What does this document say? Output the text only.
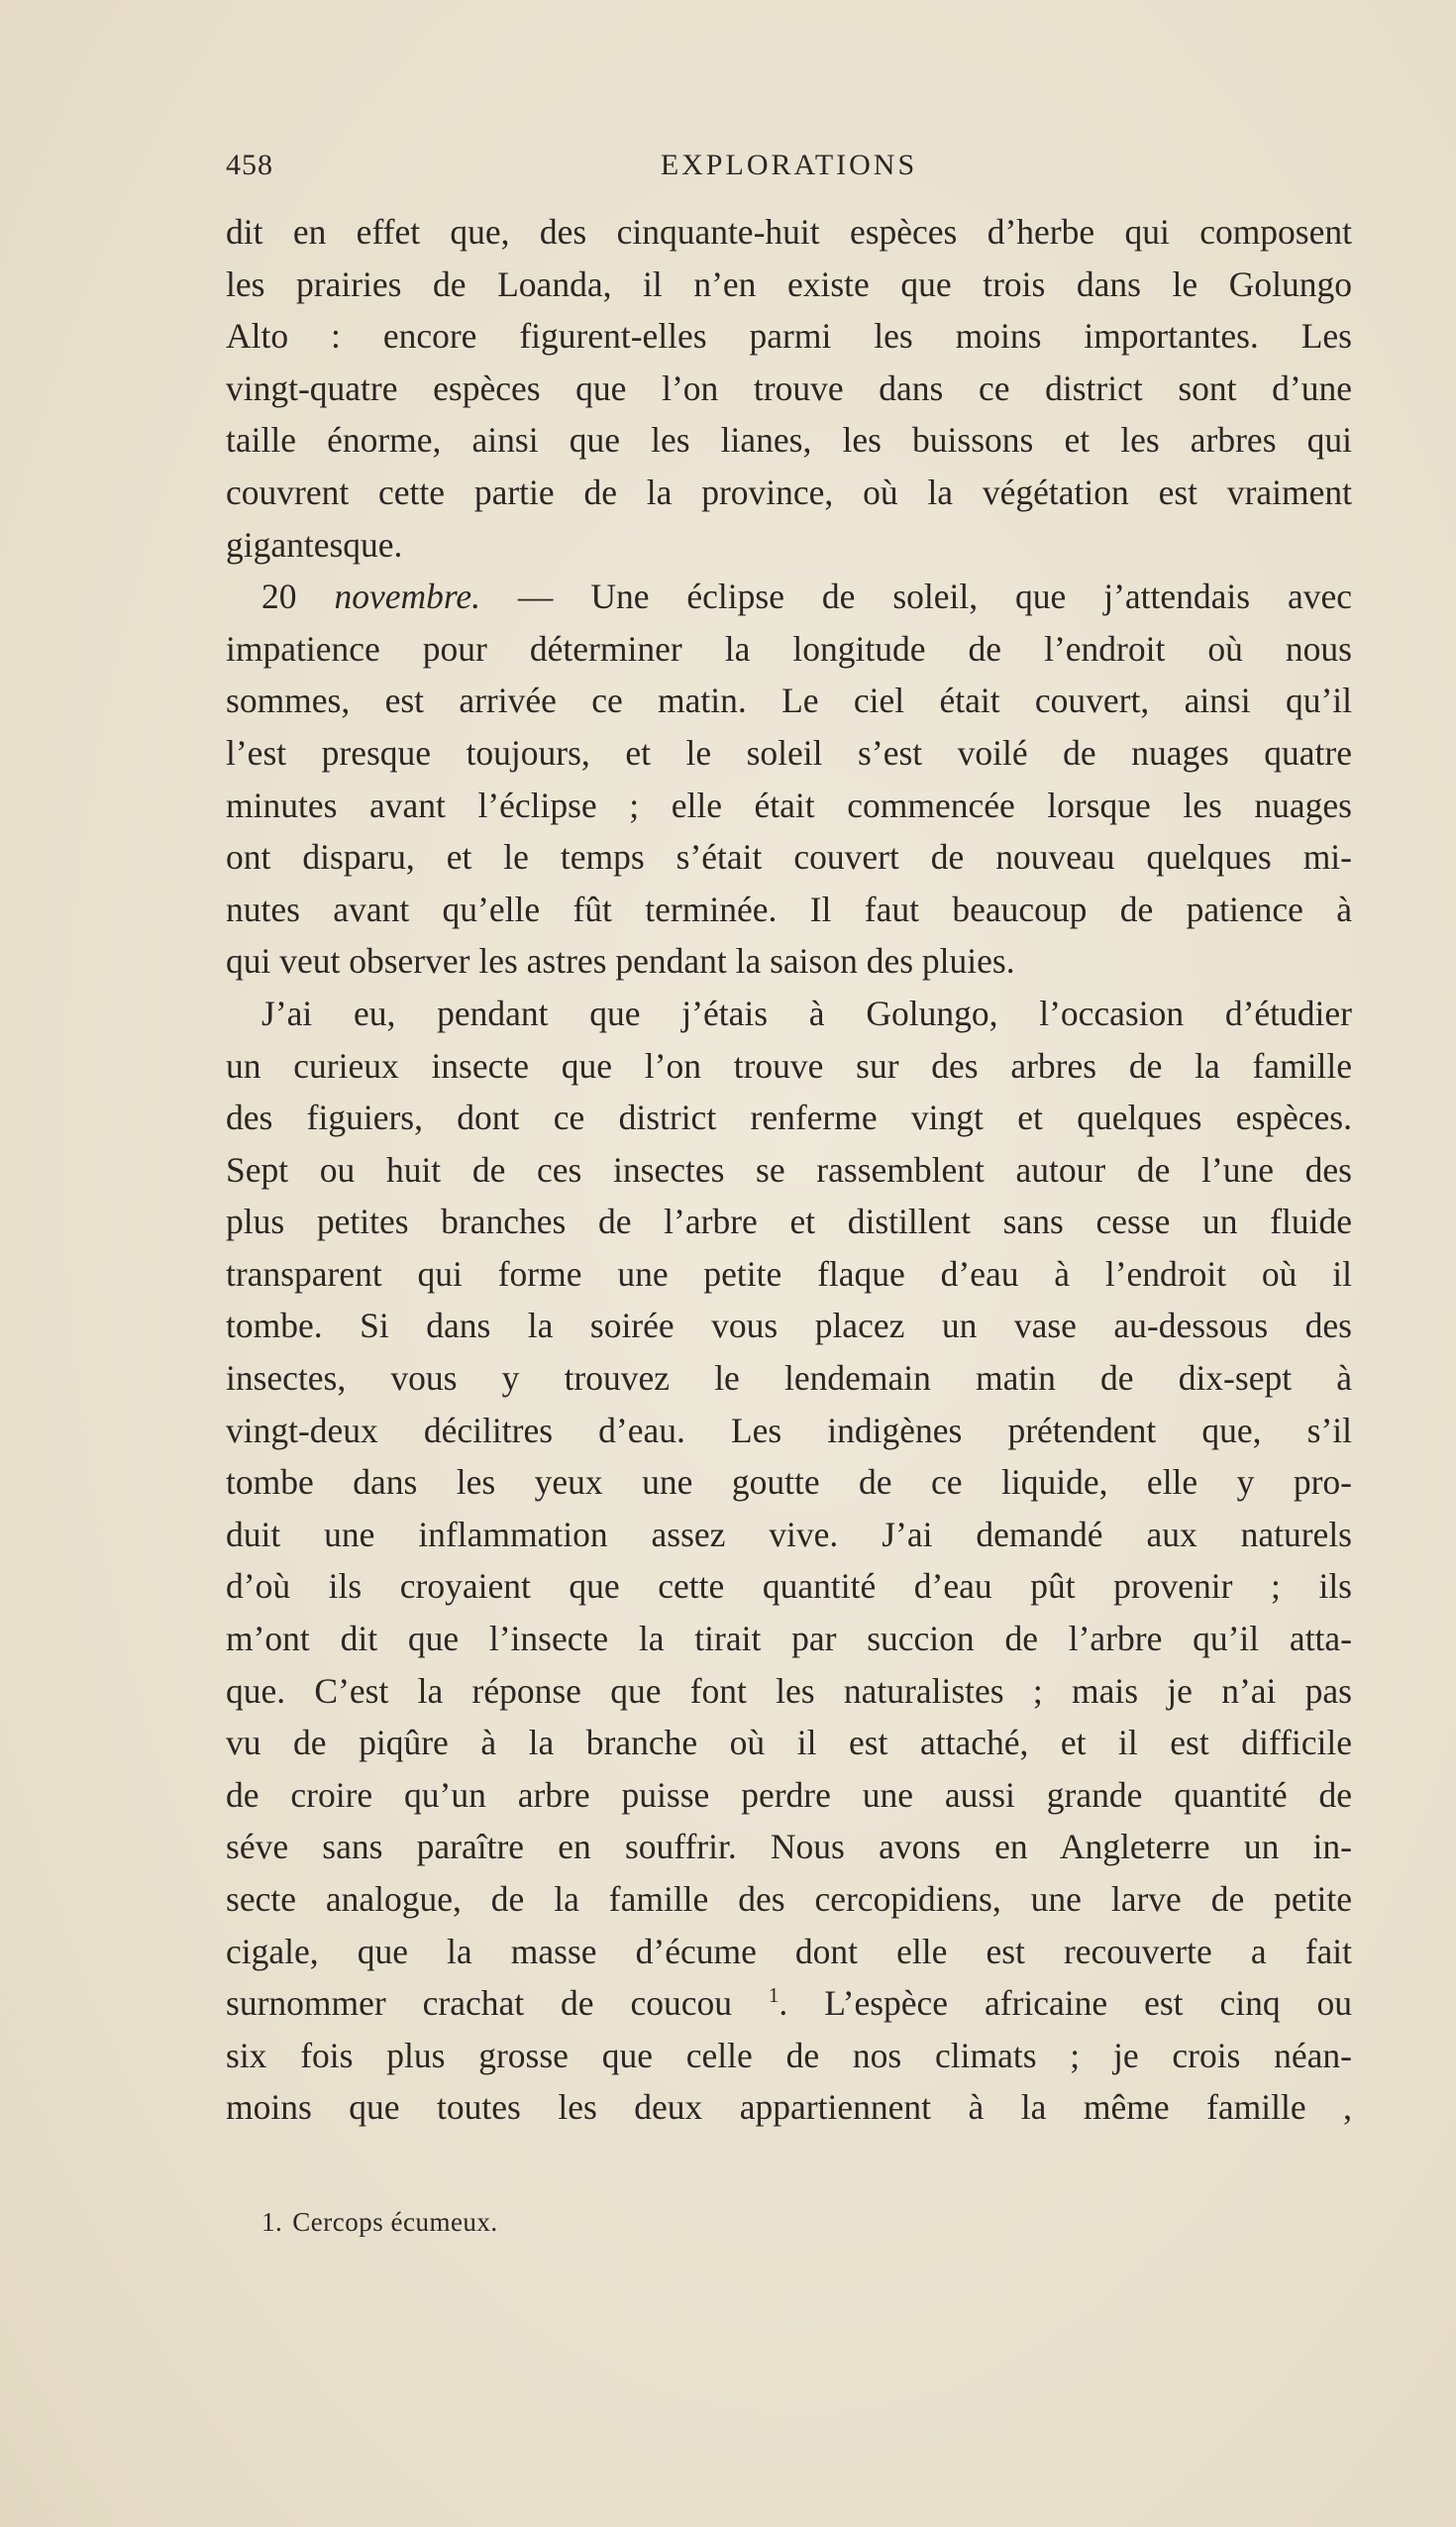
458	EXPLORATIONS
dit en effet que, des cinquante-huit espèces d’herbe qui composent
les prairies de Loanda, il n’en existe que trois dans le Golungo
Alto : encore figurent-elles parmi les moins importantes. Les
vingt-quatre espèces que l’on trouve dans ce district sont d’une
taille énorme, ainsi que les lianes, les buissons et les arbres qui
couvrent cette partie de la province, où la végétation est vraiment
gigantesque.
20 novembre. — Une éclipse de soleil, que j’attendais avec
impatience pour déterminer la longitude de l’endroit où nous
sommes, est arrivée ce matin. Le ciel était couvert, ainsi qu’il
l’est presque toujours, et le soleil s’est voilé de nuages quatre
minutes avant l’éclipse ; elle était commencée lorsque les nuages
ont disparu, et le temps s’était couvert de nouveau quelques mi-
nutes avant qu’elle fût terminée. Il faut beaucoup de patience à
qui veut observer les astres pendant la saison des pluies.
J’ai eu, pendant que j’étais à Golungo, l’occasion d’étudier
un curieux insecte que l’on trouve sur des arbres de la famille
des figuiers, dont ce district renferme vingt et quelques espèces.
Sept ou huit de ces insectes se rassemblent autour de l’une des
plus petites branches de l’arbre et distillent sans cesse un fluide
transparent qui forme une petite flaque d’eau à l’endroit où il
tombe. Si dans la soirée vous placez un vase au-dessous des
insectes, vous y trouvez le lendemain matin de dix-sept à
vingt-deux décilitres d’eau. Les indigènes prétendent que, s’il
tombe dans les yeux une goutte de ce liquide, elle y pro-
duit une inflammation assez vive. J’ai demandé aux naturels
d’où ils croyaient que cette quantité d’eau pût provenir ; ils
m’ont dit que l’insecte la tirait par succion de l’arbre qu’il atta-
que. C’est la réponse que font les naturalistes ; mais je n’ai pas
vu de piqûre à la branche où il est attaché, et il est difficile
de croire qu’un arbre puisse perdre une aussi grande quantité de
séve sans paraître en souffrir. Nous avons en Angleterre un in-
secte analogue, de la famille des cercopidiens, une larve de petite
cigale, que la masse d’écume dont elle est recouverte a fait
surnommer crachat de coucou $^1$. L’espèce africaine est cinq ou
six fois plus grosse que celle de nos climats ; je crois néan-
moins que toutes les deux appartiennent à la même famille ,
1. Cercops écumeux.
